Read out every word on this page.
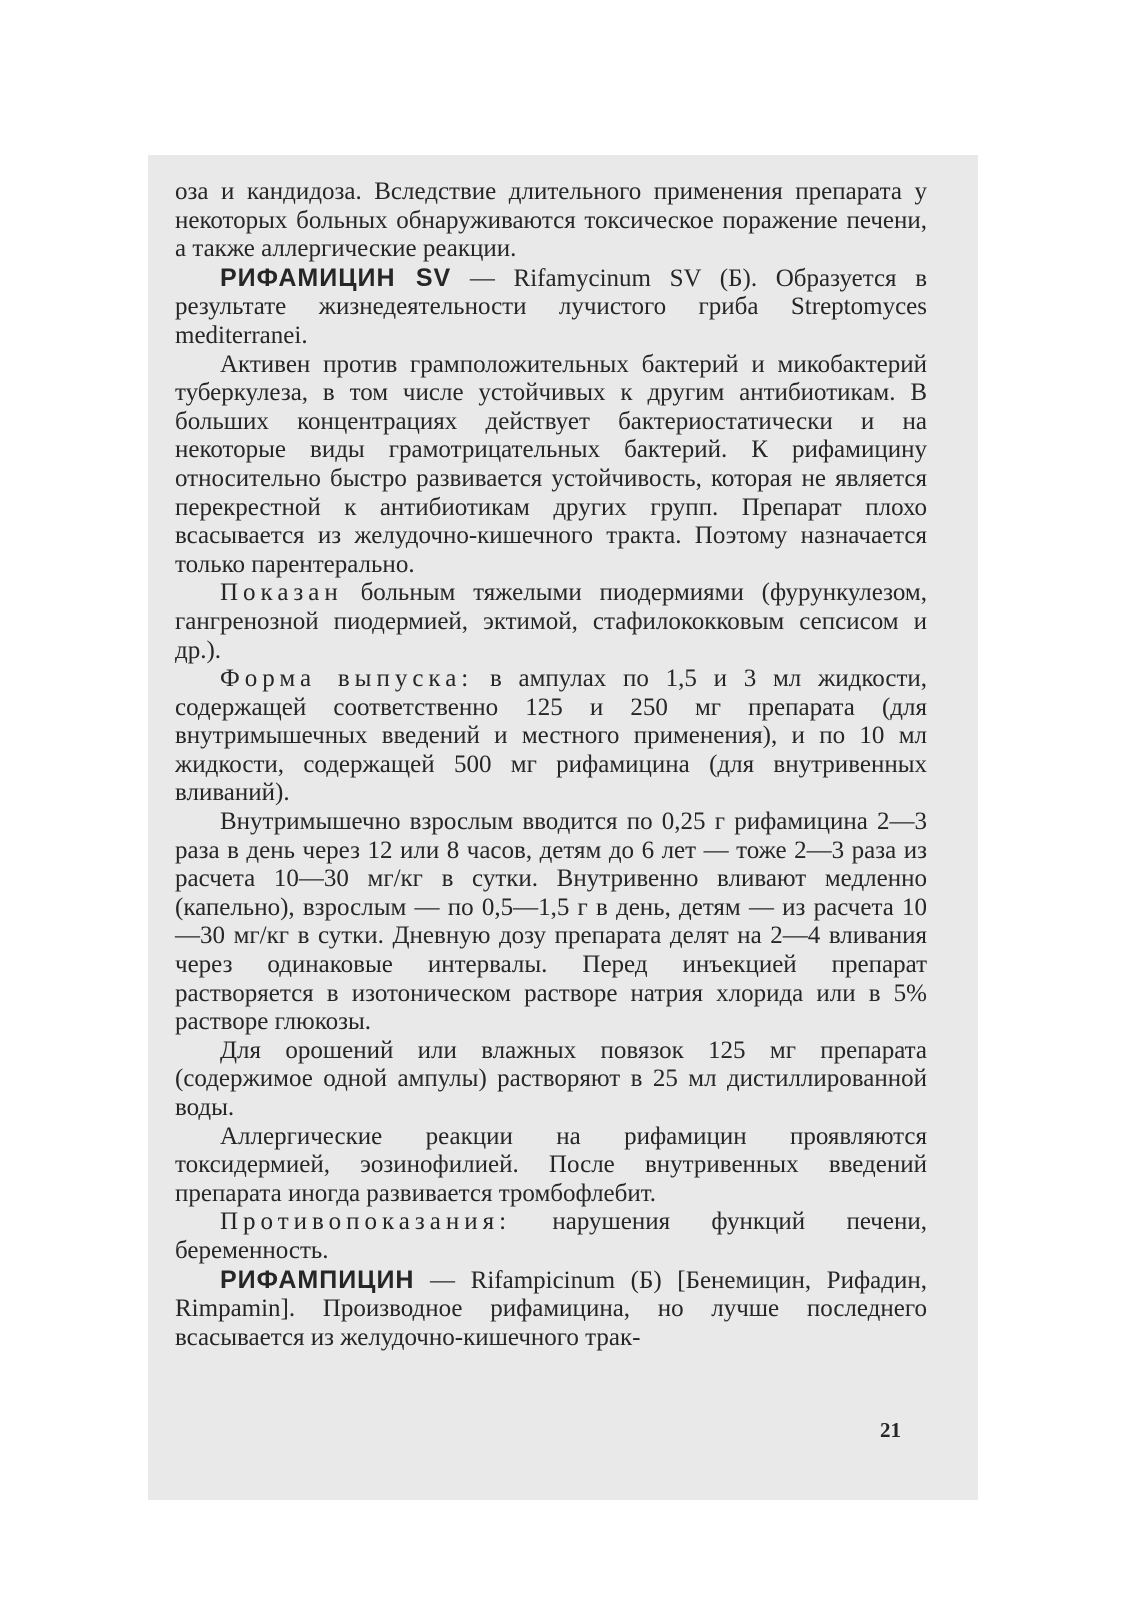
оза и кандидоза. Вследствие длительного применения препарата у некоторых больных обнаруживаются токсическое поражение печени, а также аллергические реакции.

РИФАМИЦИН SV — Rifamycinum SV (Б). Образуется в результате жизнедеятельности лучистого гриба Streptomyces mediterranei.

Активен против грамположительных бактерий и микобактерий туберкулеза, в том числе устойчивых к другим антибиотикам. В больших концентрациях действует бактериостатически и на некоторые виды грамотрицательных бактерий. К рифамицину относительно быстро развивается устойчивость, которая не является перекрестной к антибиотикам других групп. Препарат плохо всасывается из желудочно-кишечного тракта. Поэтому назначается только парентерально.

Показан больным тяжелыми пиодермиями (фурункулезом, гангренозной пиодермией, эктимой, стафилококковым сепсисом и др.).

Форма выпуска: в ампулах по 1,5 и 3 мл жидкости, содержащей соответственно 125 и 250 мг препарата (для внутримышечных введений и местного применения), и по 10 мл жидкости, содержащей 500 мг рифамицина (для внутривенных вливаний).

Внутримышечно взрослым вводится по 0,25 г рифамицина 2—3 раза в день через 12 или 8 часов, детям до 6 лет — тоже 2—3 раза из расчета 10—30 мг/кг в сутки. Внутривенно вливают медленно (капельно), взрослым — по 0,5—1,5 г в день, детям — из расчета 10—30 мг/кг в сутки. Дневную дозу препарата делят на 2—4 вливания через одинаковые интервалы. Перед инъекцией препарат растворяется в изотоническом растворе натрия хлорида или в 5% растворе глюкозы.

Для орошений или влажных повязок 125 мг препарата (содержимое одной ампулы) растворяют в 25 мл дистиллированной воды.

Аллергические реакции на рифамицин проявляются токсидермией, эозинофилией. После внутривенных введений препарата иногда развивается тромбофлебит.

Противопоказания: нарушения функций печени, беременность.

РИФАМПИЦИН — Rifampicinum (Б) [Бенемицин, Рифадин, Rimpamin]. Производное рифамицина, но лучше последнего всасывается из желудочно-кишечного трак-

21
